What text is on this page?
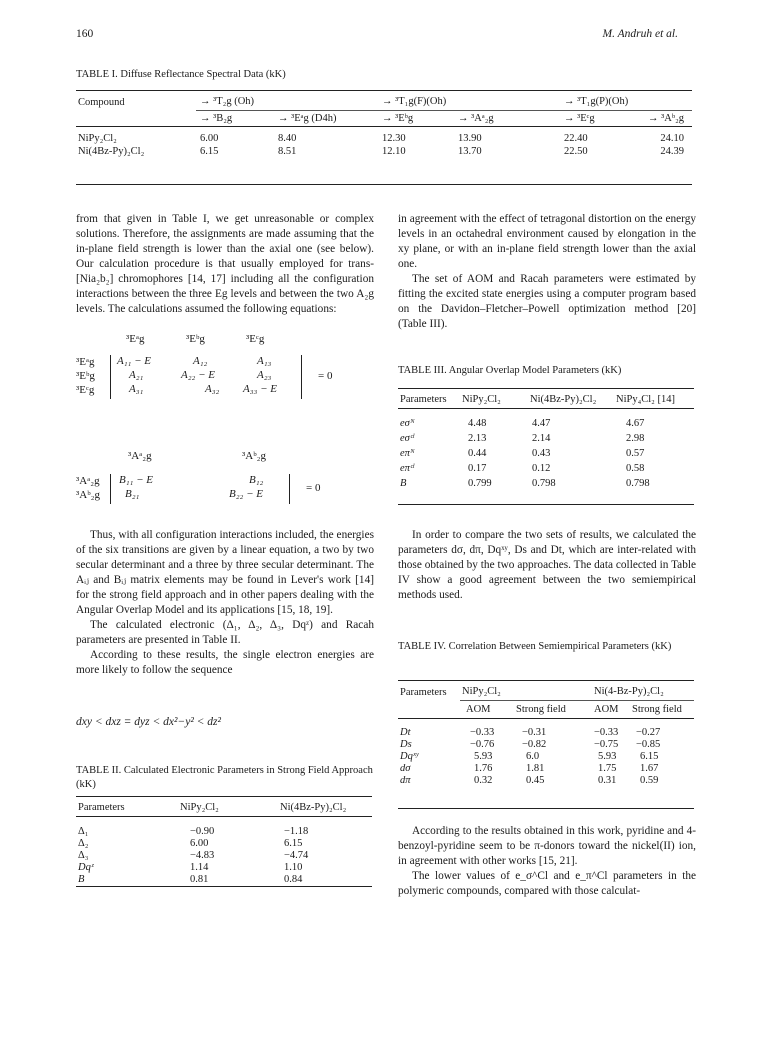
160	M. Andruh et al.
TABLE I. Diffuse Reflectance Spectral Data (kK)
Compound	→ ³T₂g (Oh)		→ ³T₁g(F)(Oh)		→ ³T₁g(P)(Oh)	
	→ ³B₂g	→ ³Eᵃg (D4h)	→ ³Eᵇg	→ ³Aᵃ₂g	→ ³Eᶜg	→ ³Aᵇ₂g

NiPy₂Cl₂	6.00	8.40	12.30	13.90	22.40	24.10
Ni(4Bz-Py)₂Cl₂	6.15	8.51	12.10	13.70	22.50	24.39

from that given in Table I, we get unreasonable or complex solutions. Therefore, the assignments are made assuming that the in-plane field strength is lower than the axial one (see below). Our calculation procedure is that usually employed for trans-[Nia₂b₂] chromophores [14, 17] including all the configuration interactions between the three Eg levels and between the two A₂g levels. The calculations assumed the following equations:

³Eᵃg	³Eᵇg	³Eᶜg
³Eᵃg
³Eᵇg
³Eᶜg
A₁₁ − E	A₁₂	A₁₃
A₂₁	A₂₂ − E	A₂₃
A₃₁	A₃₂ A₃₃ − E
= 0
³Aᵃ₂g	³Aᵇ₂g
³Aᵃ₂g
³Aᵇ₂g
B₁₁ − E	B₁₂
B₂₁	B₂₂ − E	= 0

Thus, with all configuration interactions included, the energies of the six transitions are given by a linear equation, a two by two secular determinant and a three by three secular determinant. The Aᵢⱼ and Bᵢⱼ matrix elements may be found in Lever's work [14] for the strong field approach and in other papers dealing with the Angular Overlap Model and its applications [15, 18, 19].

The calculated electronic (Δ₁, Δ₂, Δ₃, Dqᶻ) and Racah parameters are presented in Table II.

According to these results, the single electron energies are more likely to follow the sequence

dxy < dxz = dyz < dx²−y² < dz²
TABLE II. Calculated Electronic Parameters in Strong Field Approach (kK)
Parameters	NiPy₂Cl₂	Ni(4Bz-Py)₂Cl₂

Δ₁	−0.90	−1.18
Δ₂	6.00	6.15
Δ₃	−4.83	−4.74
Dqᶻ	1.14	1.10
B	0.81	0.84

in agreement with the effect of tetragonal distortion on the energy levels in an octahedral environment caused by elongation in the xy plane, or with an in-plane field strength lower than the axial one.

The set of AOM and Racah parameters were estimated by fitting the excited state energies using a computer program based on the Davidon–Fletcher–Powell optimization method [20] (Table III).

TABLE III. Angular Overlap Model Parameters (kK)
Parameters	NiPy₂Cl₂	Ni(4Bz-Py)₂Cl₂	NiPy₄Cl₂ [14]

eσᴺ	4.48	4.47	4.67
eσᶜˡ	2.13	2.14	2.98
eπᴺ	0.44	0.43	0.57
eπᶜˡ	0.17	0.12	0.58
B	0.799	0.798	0.798

In order to compare the two sets of results, we calculated the parameters dσ, dπ, Dqˣʸ, Ds and Dt, which are inter-related with those obtained by the two approaches. The data collected in Table IV show a good agreement between the two semiempirical methods used.

TABLE IV. Correlation Between Semiempirical Parameters (kK)
Parameters	NiPy₂Cl₂		Ni(4-Bz-Py)₂Cl₂	
	AOM	Strong field	AOM	Strong field

Dt	−0.33	−0.31	−0.33	−0.27
Ds	−0.76	−0.82	−0.75	−0.85
Dqˣʸ	5.93	6.0	5.93	6.15
dσ	1.76	1.81	1.75	1.67
dπ	0.32	0.45	0.31	0.59

According to the results obtained in this work, pyridine and 4-benzoyl-pyridine seem to be π-donors toward the nickel(II) ion, in agreement with other works [15, 21].

The lower values of e_σ^Cl and e_π^Cl parameters in the polymeric compounds, compared with those calculat-
